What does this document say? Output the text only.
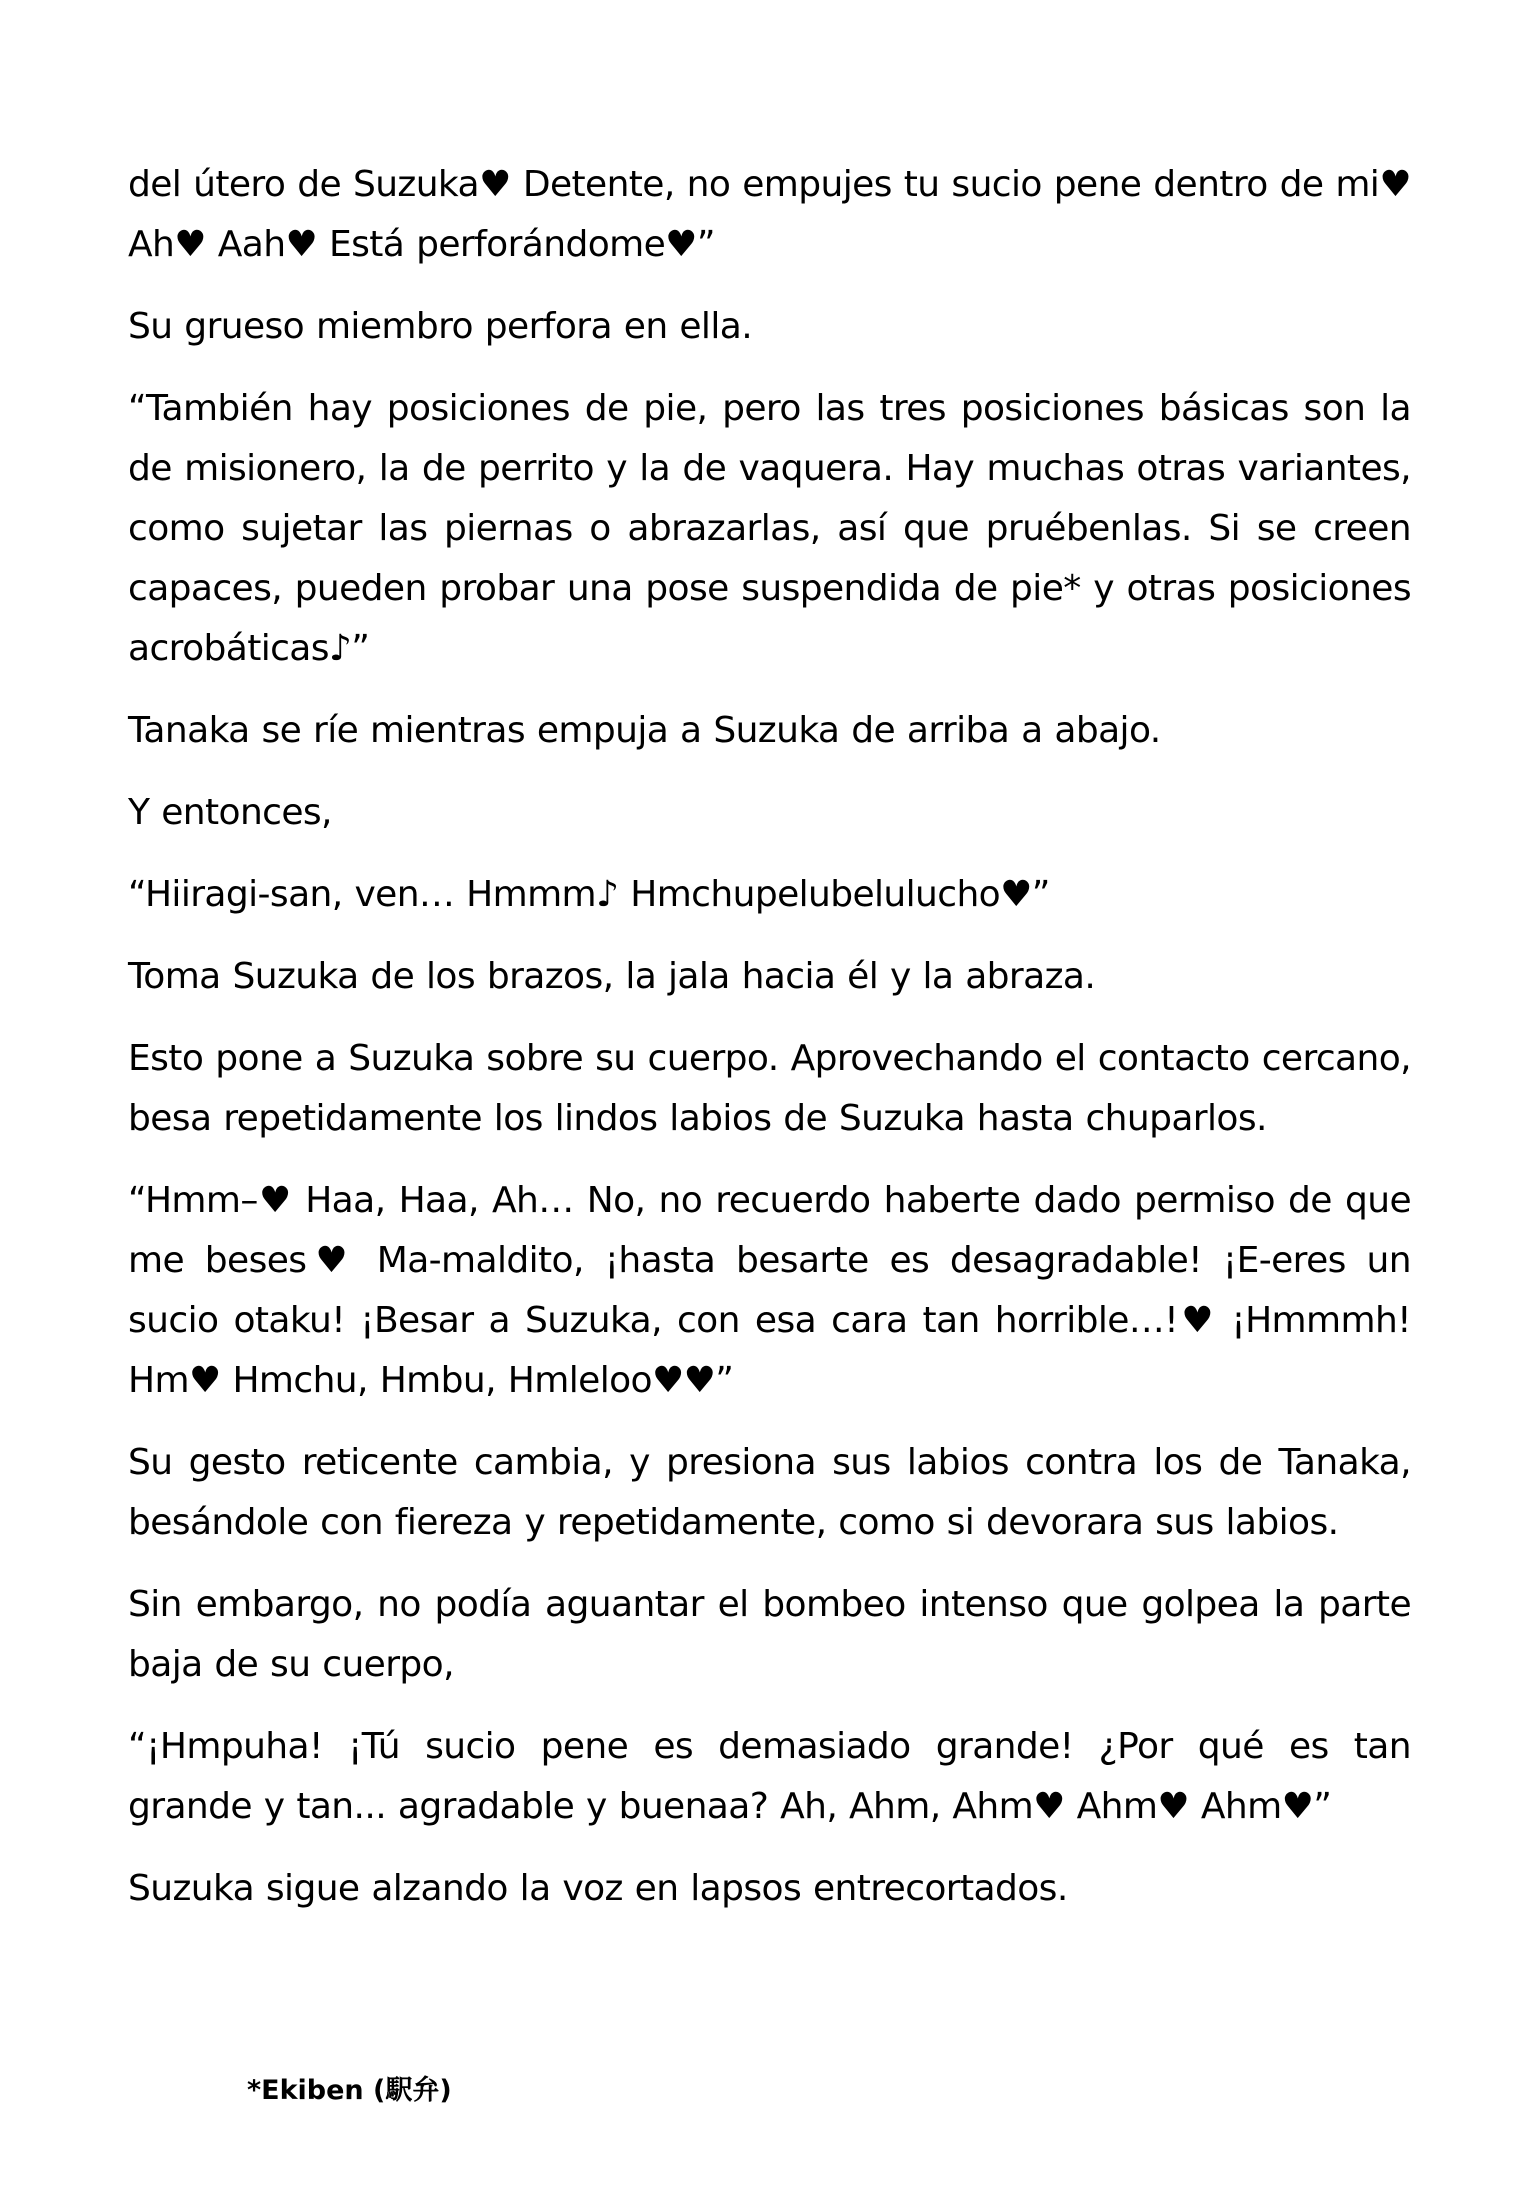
del útero de Suzuka♥ Detente, no empujes tu sucio pene dentro de mi♥ Ah♥ Aah♥ Está perforándome♥”

Su grueso miembro perfora en ella.

“También hay posiciones de pie, pero las tres posiciones básicas son la de misionero, la de perrito y la de vaquera. Hay muchas otras variantes, como sujetar las piernas o abrazarlas, así que pruébenlas. Si se creen capaces, pueden probar una pose suspendida de pie* y otras posiciones acrobáticas♪”

Tanaka se ríe mientras empuja a Suzuka de arriba a abajo.

Y entonces,

“Hiiragi-san, ven… Hmmm♪ Hmchupelubelulucho♥”

Toma Suzuka de los brazos, la jala hacia él y la abraza.

Esto pone a Suzuka sobre su cuerpo. Aprovechando el contacto cercano, besa repetidamente los lindos labios de Suzuka hasta chuparlos.

“Hmm–♥ Haa, Haa, Ah… No, no recuerdo haberte dado permiso de que me beses♥ Ma-maldito, ¡hasta besarte es desagradable! ¡E-eres un sucio otaku! ¡Besar a Suzuka, con esa cara tan horrible…!♥ ¡Hmmmh! Hm♥ Hmchu, Hmbu, Hmleloo♥♥”

Su gesto reticente cambia, y presiona sus labios contra los de Tanaka, besándole con fiereza y repetidamente, como si devorara sus labios.

Sin embargo, no podía aguantar el bombeo intenso que golpea la parte baja de su cuerpo,

“¡Hmpuha! ¡Tú sucio pene es demasiado grande! ¿Por qué es tan grande y tan... agradable y buenaa? Ah, Ahm, Ahm♥ Ahm♥ Ahm♥”

Suzuka sigue alzando la voz en lapsos entrecortados.

*Ekiben (駅弁)
